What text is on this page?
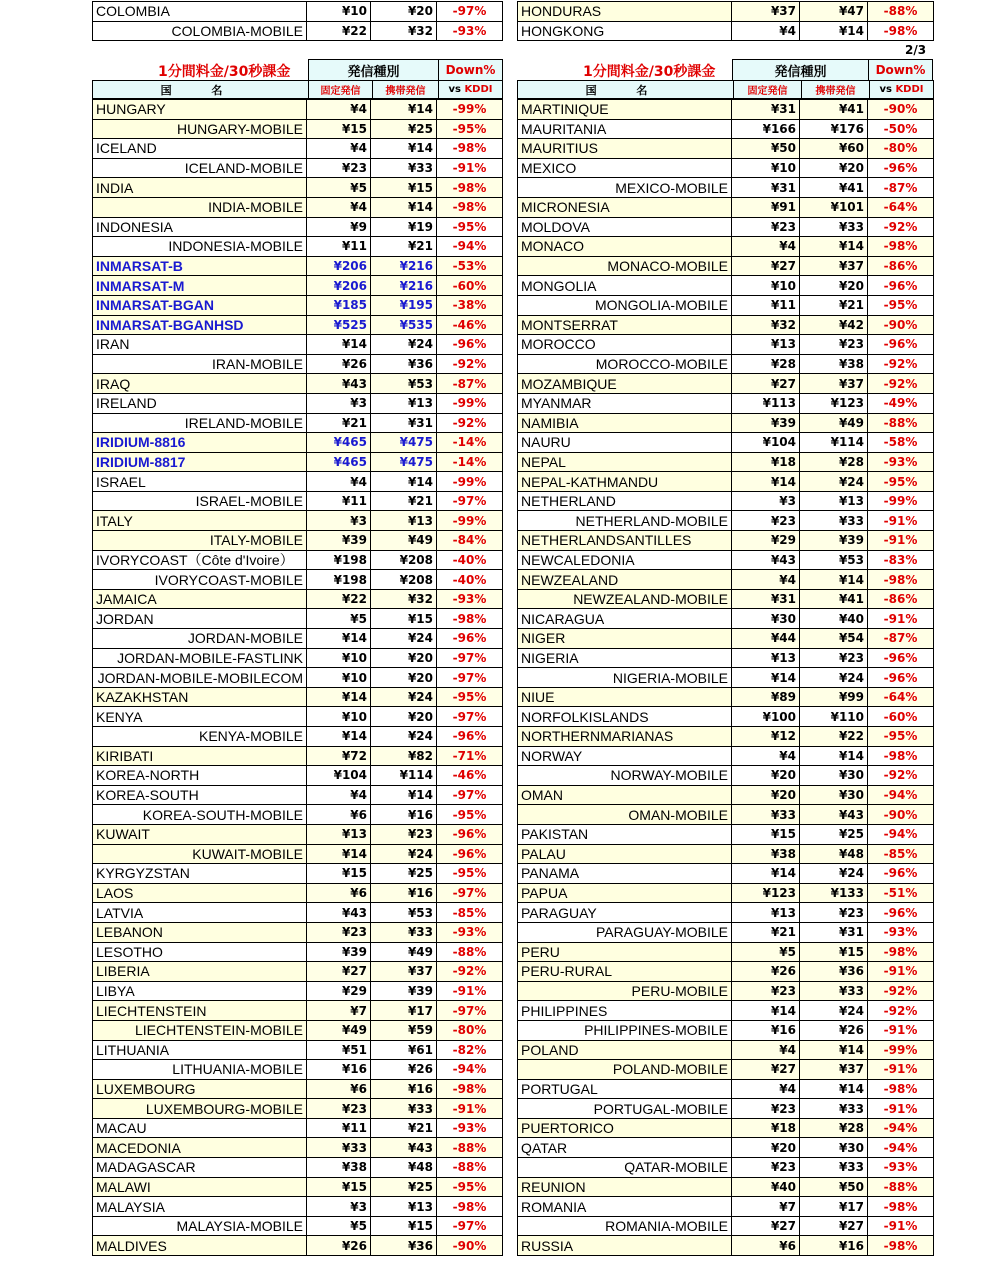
COLOMBIA	¥10	¥20	-97%
COLOMBIA-MOBILE	¥22	¥32	-93%
HONDURAS	¥37	¥47	-88%
HONGKONG	¥4	¥14	-98%
2/3
1分間料金/30秒課金	発信種別	Down%
国 名	固定発信	携帯発信	vs KDDI
1分間料金/30秒課金	発信種別	Down%
国 名	固定発信	携帯発信	vs KDDI
HUNGARY	¥4	¥14	-99%
HUNGARY-MOBILE	¥15	¥25	-95%
ICELAND	¥4	¥14	-98%
ICELAND-MOBILE	¥23	¥33	-91%
INDIA	¥5	¥15	-98%
INDIA-MOBILE	¥4	¥14	-98%
INDONESIA	¥9	¥19	-95%
INDONESIA-MOBILE	¥11	¥21	-94%
INMARSAT-B	¥206	¥216	-53%
INMARSAT-M	¥206	¥216	-60%
INMARSAT-BGAN	¥185	¥195	-38%
INMARSAT-BGANHSD	¥525	¥535	-46%
IRAN	¥14	¥24	-96%
IRAN-MOBILE	¥26	¥36	-92%
IRAQ	¥43	¥53	-87%
IRELAND	¥3	¥13	-99%
IRELAND-MOBILE	¥21	¥31	-92%
IRIDIUM-8816	¥465	¥475	-14%
IRIDIUM-8817	¥465	¥475	-14%
ISRAEL	¥4	¥14	-99%
ISRAEL-MOBILE	¥11	¥21	-97%
ITALY	¥3	¥13	-99%
ITALY-MOBILE	¥39	¥49	-84%
IVORYCOAST（Côte d'Ivoire）	¥198	¥208	-40%
IVORYCOAST-MOBILE	¥198	¥208	-40%
JAMAICA	¥22	¥32	-93%
JORDAN	¥5	¥15	-98%
JORDAN-MOBILE	¥14	¥24	-96%
JORDAN-MOBILE-FASTLINK	¥10	¥20	-97%
JORDAN-MOBILE-MOBILECOM	¥10	¥20	-97%
KAZAKHSTAN	¥14	¥24	-95%
KENYA	¥10	¥20	-97%
KENYA-MOBILE	¥14	¥24	-96%
KIRIBATI	¥72	¥82	-71%
KOREA-NORTH	¥104	¥114	-46%
KOREA-SOUTH	¥4	¥14	-97%
KOREA-SOUTH-MOBILE	¥6	¥16	-95%
KUWAIT	¥13	¥23	-96%
KUWAIT-MOBILE	¥14	¥24	-96%
KYRGYZSTAN	¥15	¥25	-95%
LAOS	¥6	¥16	-97%
LATVIA	¥43	¥53	-85%
LEBANON	¥23	¥33	-93%
LESOTHO	¥39	¥49	-88%
LIBERIA	¥27	¥37	-92%
LIBYA	¥29	¥39	-91%
LIECHTENSTEIN	¥7	¥17	-97%
LIECHTENSTEIN-MOBILE	¥49	¥59	-80%
LITHUANIA	¥51	¥61	-82%
LITHUANIA-MOBILE	¥16	¥26	-94%
LUXEMBOURG	¥6	¥16	-98%
LUXEMBOURG-MOBILE	¥23	¥33	-91%
MACAU	¥11	¥21	-93%
MACEDONIA	¥33	¥43	-88%
MADAGASCAR	¥38	¥48	-88%
MALAWI	¥15	¥25	-95%
MALAYSIA	¥3	¥13	-98%
MALAYSIA-MOBILE	¥5	¥15	-97%
MALDIVES	¥26	¥36	-90%
MARTINIQUE	¥31	¥41	-90%
MAURITANIA	¥166	¥176	-50%
MAURITIUS	¥50	¥60	-80%
MEXICO	¥10	¥20	-96%
MEXICO-MOBILE	¥31	¥41	-87%
MICRONESIA	¥91	¥101	-64%
MOLDOVA	¥23	¥33	-92%
MONACO	¥4	¥14	-98%
MONACO-MOBILE	¥27	¥37	-86%
MONGOLIA	¥10	¥20	-96%
MONGOLIA-MOBILE	¥11	¥21	-95%
MONTSERRAT	¥32	¥42	-90%
MOROCCO	¥13	¥23	-96%
MOROCCO-MOBILE	¥28	¥38	-92%
MOZAMBIQUE	¥27	¥37	-92%
MYANMAR	¥113	¥123	-49%
NAMIBIA	¥39	¥49	-88%
NAURU	¥104	¥114	-58%
NEPAL	¥18	¥28	-93%
NEPAL-KATHMANDU	¥14	¥24	-95%
NETHERLAND	¥3	¥13	-99%
NETHERLAND-MOBILE	¥23	¥33	-91%
NETHERLANDSANTILLES	¥29	¥39	-91%
NEWCALEDONIA	¥43	¥53	-83%
NEWZEALAND	¥4	¥14	-98%
NEWZEALAND-MOBILE	¥31	¥41	-86%
NICARAGUA	¥30	¥40	-91%
NIGER	¥44	¥54	-87%
NIGERIA	¥13	¥23	-96%
NIGERIA-MOBILE	¥14	¥24	-96%
NIUE	¥89	¥99	-64%
NORFOLKISLANDS	¥100	¥110	-60%
NORTHERNMARIANAS	¥12	¥22	-95%
NORWAY	¥4	¥14	-98%
NORWAY-MOBILE	¥20	¥30	-92%
OMAN	¥20	¥30	-94%
OMAN-MOBILE	¥33	¥43	-90%
PAKISTAN	¥15	¥25	-94%
PALAU	¥38	¥48	-85%
PANAMA	¥14	¥24	-96%
PAPUA	¥123	¥133	-51%
PARAGUAY	¥13	¥23	-96%
PARAGUAY-MOBILE	¥21	¥31	-93%
PERU	¥5	¥15	-98%
PERU-RURAL	¥26	¥36	-91%
PERU-MOBILE	¥23	¥33	-92%
PHILIPPINES	¥14	¥24	-92%
PHILIPPINES-MOBILE	¥16	¥26	-91%
POLAND	¥4	¥14	-99%
POLAND-MOBILE	¥27	¥37	-91%
PORTUGAL	¥4	¥14	-98%
PORTUGAL-MOBILE	¥23	¥33	-91%
PUERTORICO	¥18	¥28	-94%
QATAR	¥20	¥30	-94%
QATAR-MOBILE	¥23	¥33	-93%
REUNION	¥40	¥50	-88%
ROMANIA	¥7	¥17	-98%
ROMANIA-MOBILE	¥27	¥27	-91%
RUSSIA	¥6	¥16	-98%
